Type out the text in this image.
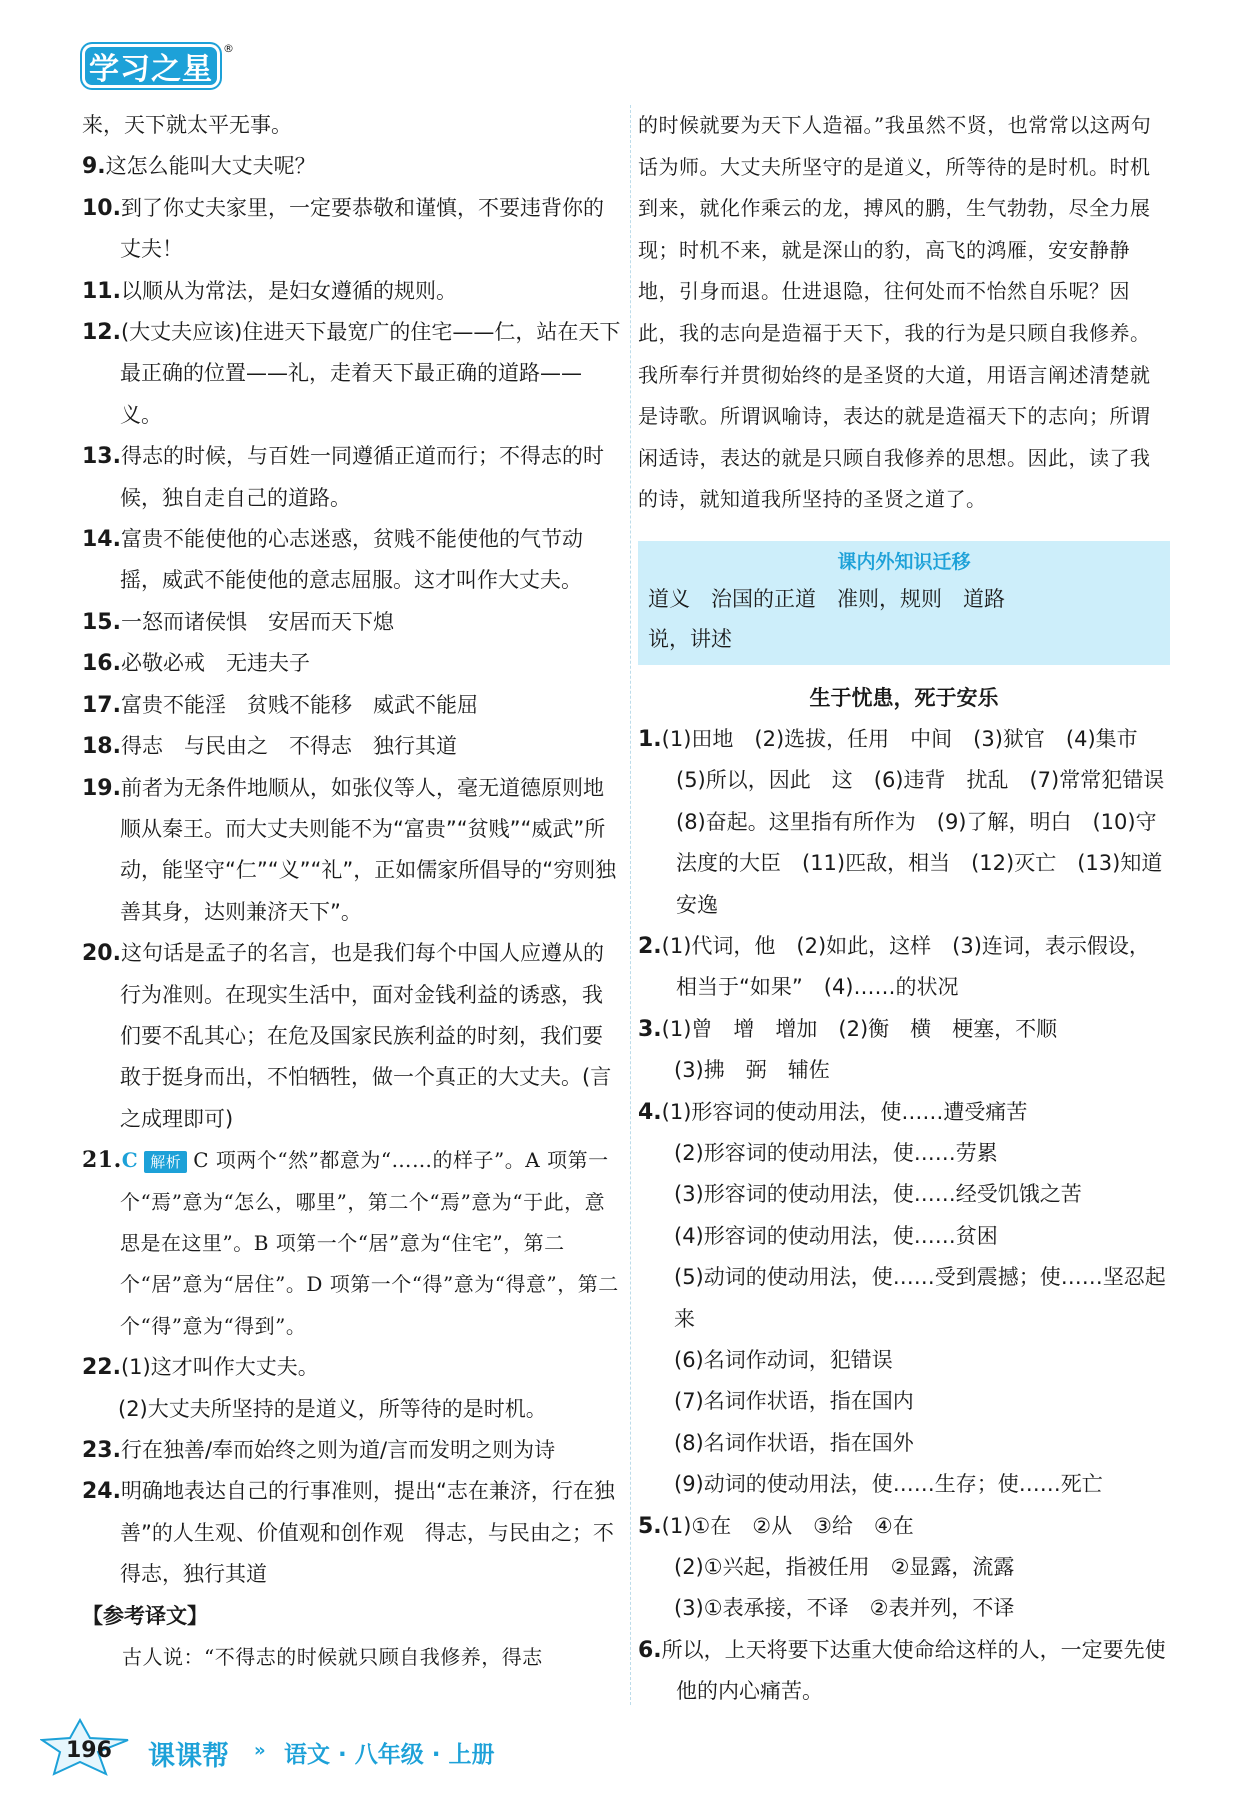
学习之星
®
来，天下就太平无事。
9.这怎么能叫大丈夫呢？
10.到了你丈夫家里，一定要恭敬和谨慎，不要违背你的丈夫！
11.以顺从为常法，是妇女遵循的规则。
12.(大丈夫应该)住进天下最宽广的住宅——仁，站在天下最正确的位置——礼，走着天下最正确的道路——义。
13.得志的时候，与百姓一同遵循正道而行；不得志的时候，独自走自己的道路。
14.富贵不能使他的心志迷惑，贫贱不能使他的气节动摇，威武不能使他的意志屈服。这才叫作大丈夫。
15.一怒而诸侯惧　安居而天下熄
16.必敬必戒　无违夫子
17.富贵不能淫　贫贱不能移　威武不能屈
18.得志　与民由之　不得志　独行其道
19.前者为无条件地顺从，如张仪等人，毫无道德原则地顺从秦王。而大丈夫则能不为“富贵”“贫贱”“威武”所动，能坚守“仁”“义”“礼”，正如儒家所倡导的“穷则独善其身，达则兼济天下”。
20.这句话是孟子的名言，也是我们每个中国人应遵从的行为准则。在现实生活中，面对金钱利益的诱惑，我们要不乱其心；在危及国家民族利益的时刻，我们要敢于挺身而出，不怕牺牲，做一个真正的大丈夫。(言之成理即可)
21.C 解析 C 项两个“然”都意为“……的样子”。A 项第一个“焉”意为“怎么，哪里”，第二个“焉”意为“于此，意思是在这里”。B 项第一个“居”意为“住宅”，第二个“居”意为“居住”。D 项第一个“得”意为“得意”，第二个“得”意为“得到”。
22.(1)这才叫作大丈夫。
(2)大丈夫所坚持的是道义，所等待的是时机。
23.行在独善/奉而始终之则为道/言而发明之则为诗
24.明确地表达自己的行事准则，提出“志在兼济，行在独善”的人生观、价值观和创作观　得志，与民由之；不得志，独行其道
【参考译文】
古人说：“不得志的时候就只顾自我修养，得志
的时候就要为天下人造福。”我虽然不贤，也常常以这两句话为师。大丈夫所坚守的是道义，所等待的是时机。时机到来，就化作乘云的龙，搏风的鹏，生气勃勃，尽全力展现；时机不来，就是深山的豹，高飞的鸿雁，安安静静地，引身而退。仕进退隐，往何处而不怡然自乐呢？因此，我的志向是造福于天下，我的行为是只顾自我修养。我所奉行并贯彻始终的是圣贤的大道，用语言阐述清楚就是诗歌。所谓讽喻诗，表达的就是造福天下的志向；所谓闲适诗，表达的就是只顾自我修养的思想。因此，读了我的诗，就知道我所坚持的圣贤之道了。
课内外知识迁移
道义　治国的正道　准则，规则　道路
说，讲述
生于忧患，死于安乐
1.(1)田地　(2)选拔，任用　中间　(3)狱官　(4)集市　(5)所以，因此　这　(6)违背　扰乱　(7)常常犯错误　(8)奋起。这里指有所作为　(9)了解，明白　(10)守法度的大臣　(11)匹敌，相当　(12)灭亡　(13)知道　安逸
2.(1)代词，他　(2)如此，这样　(3)连词，表示假设，相当于“如果”　(4)……的状况
3.(1)曾　增　增加　(2)衡　横　梗塞，不顺
(3)拂　弼　辅佐
4.(1)形容词的使动用法，使……遭受痛苦
(2)形容词的使动用法，使……劳累
(3)形容词的使动用法，使……经受饥饿之苦
(4)形容词的使动用法，使……贫困
(5)动词的使动用法，使……受到震撼；使……坚忍起来
(6)名词作动词，犯错误
(7)名词作状语，指在国内
(8)名词作状语，指在国外
(9)动词的使动用法，使……生存；使……死亡
5.(1)①在　②从　③给　④在
(2)①兴起，指被任用　②显露，流露
(3)①表承接，不译　②表并列，不译
6.所以，上天将要下达重大使命给这样的人，一定要先使他的内心痛苦。
196 课课帮 » 语文 · 八年级 · 上册
